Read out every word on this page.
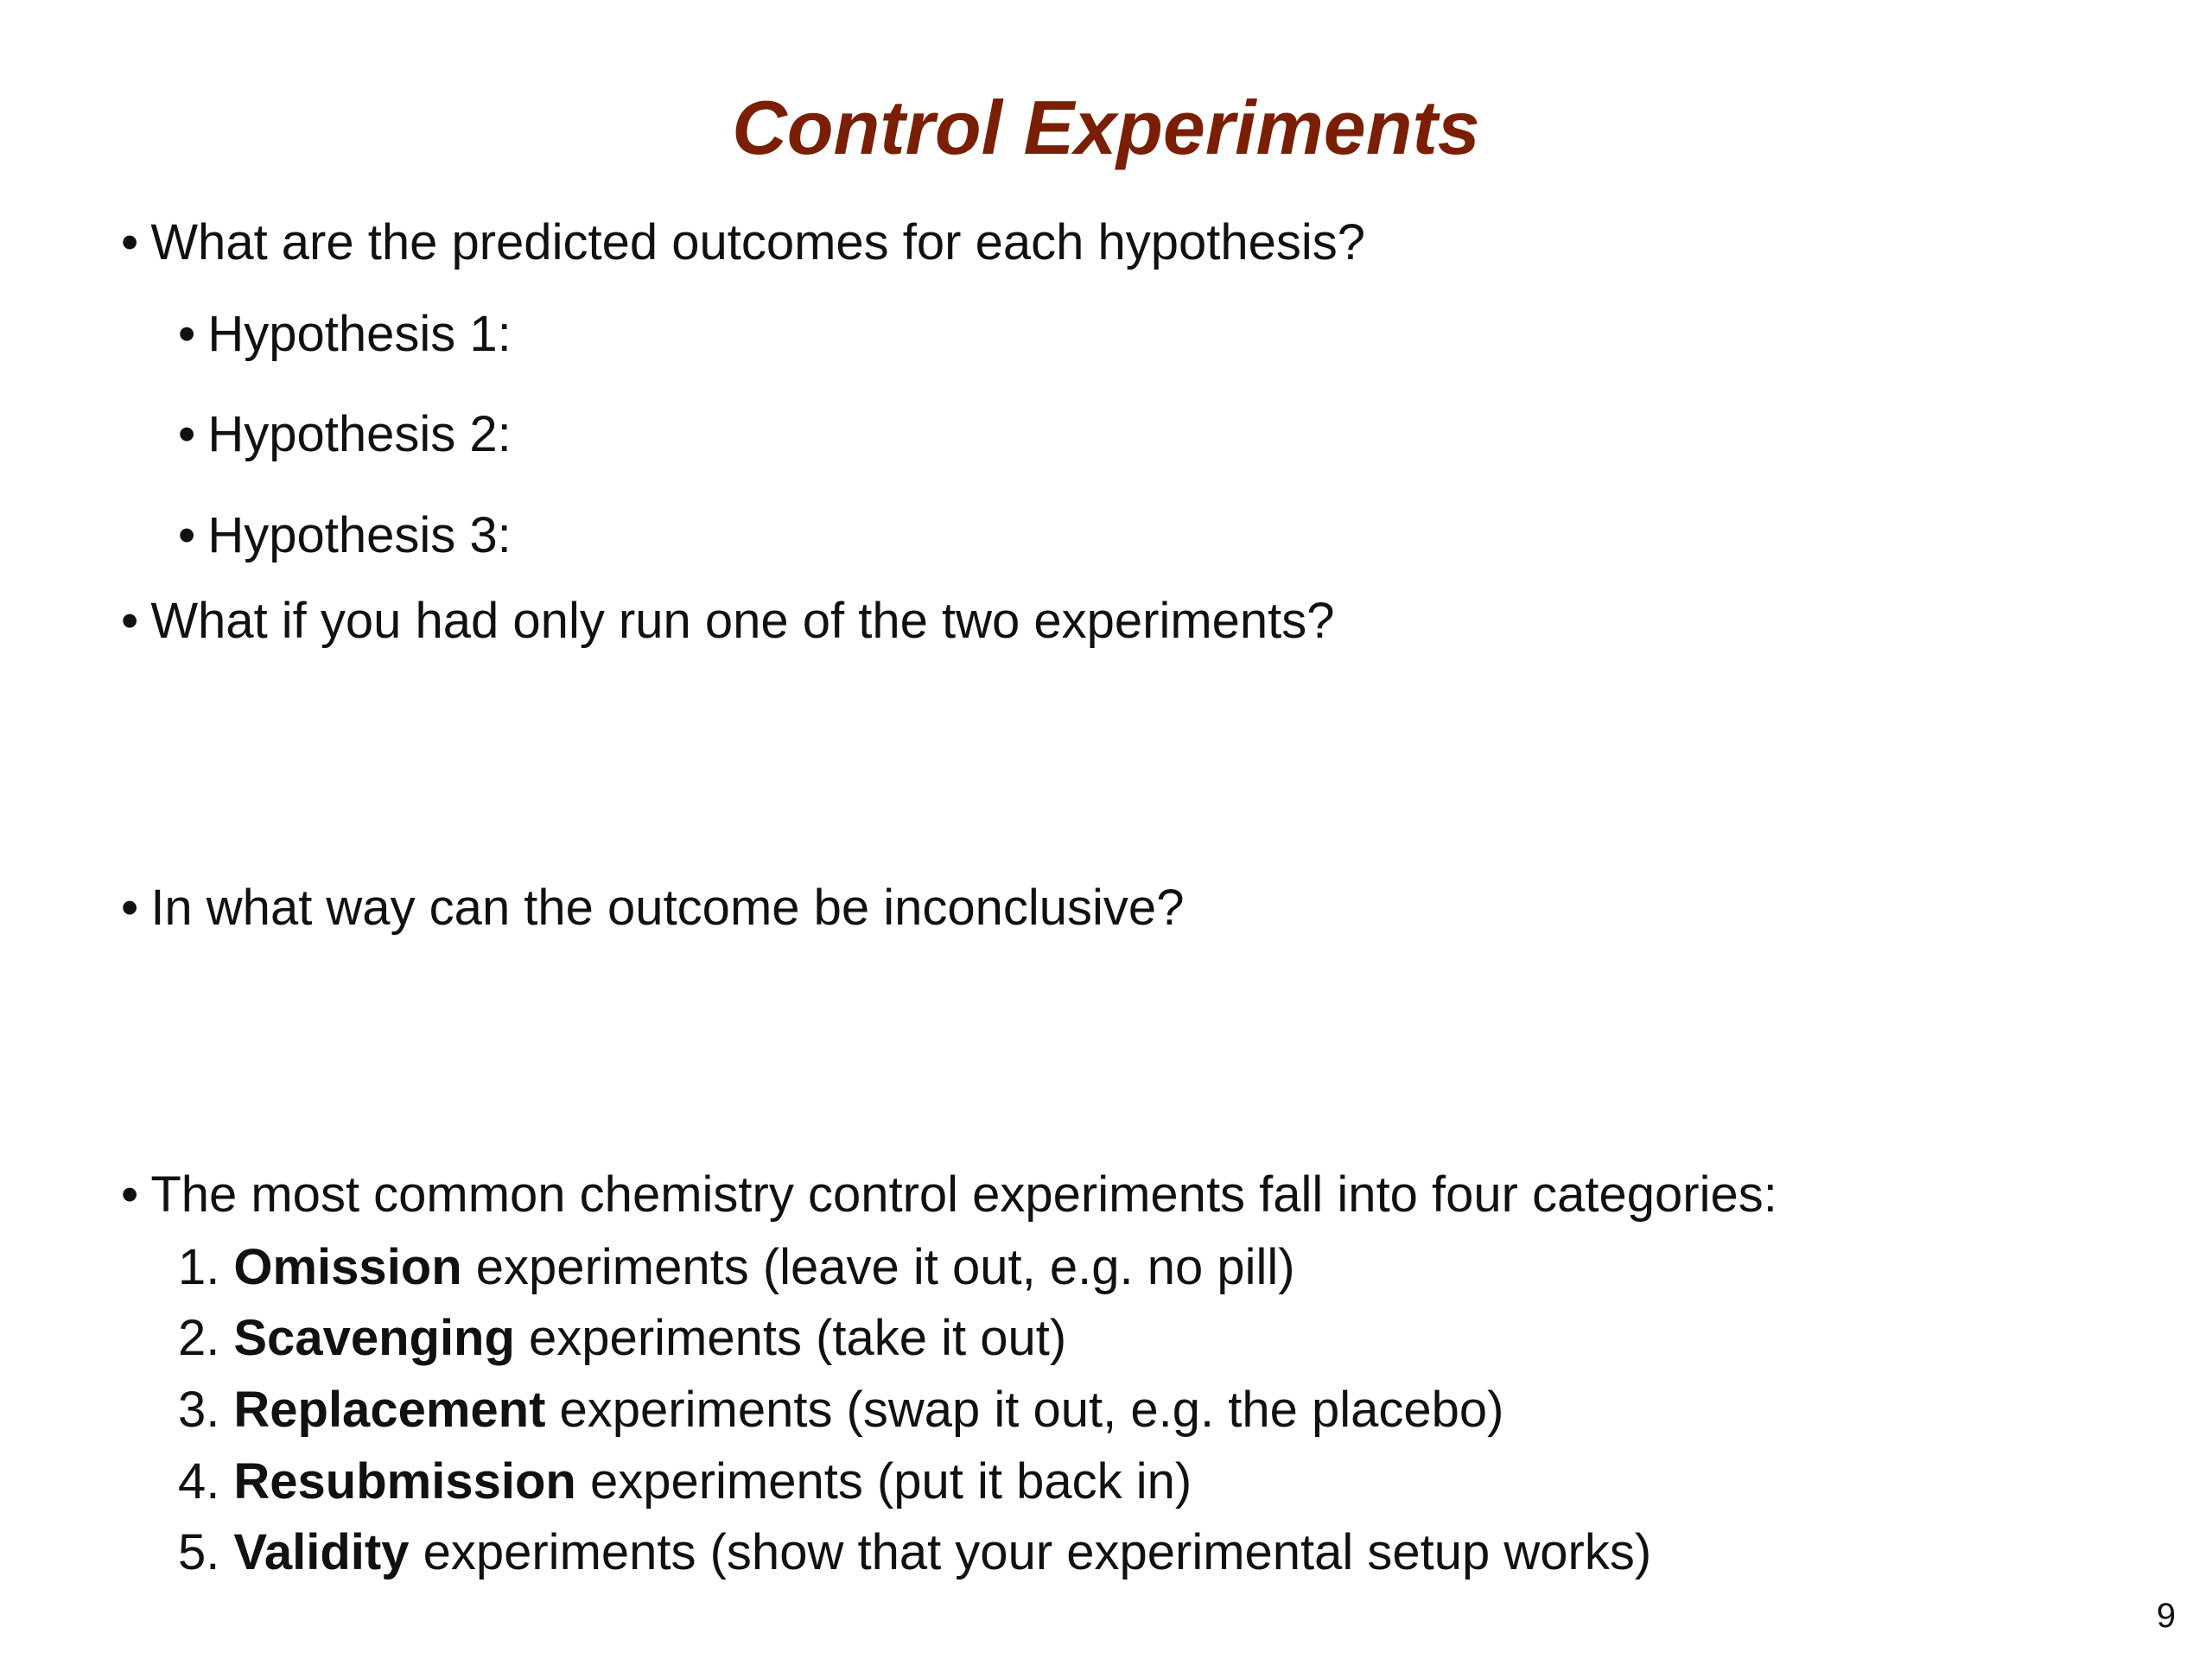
Control Experiments
• What are the predicted outcomes for each hypothesis?
• Hypothesis 1:
• Hypothesis 2:
• Hypothesis 3:
• What if you had only run one of the two experiments?
• In what way can the outcome be inconclusive?
• The most common chemistry control experiments fall into four categories:
1. Omission experiments (leave it out, e.g. no pill)
2. Scavenging experiments (take it out)
3. Replacement experiments (swap it out, e.g. the placebo)
4. Resubmission experiments (put it back in)
5. Validity experiments (show that your experimental setup works)
9
